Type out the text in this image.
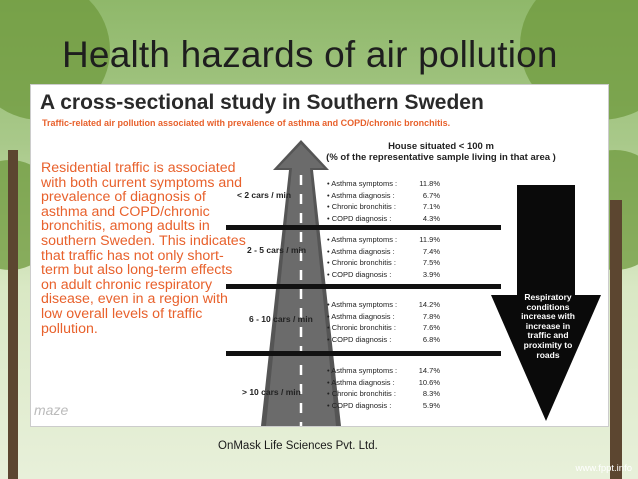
Health hazards of air pollution
A cross-sectional study in Southern Sweden
Traffic-related air pollution associated with prevalence of asthma and COPD/chronic bronchitis.
Residential traffic is associated with both current symptoms and prevalence of diagnosis of asthma and COPD/chronic bronchitis, among adults in southern Sweden. This indicates that traffic has not only short-term but also long-term effects on adult chronic respiratory disease, even in a region with low overall levels of traffic pollution.
House situated < 100 m
(% of the representative sample living in that area )
< 2 cars / min
2 - 5 cars / min
6 - 10 cars / min
> 10 cars / min
• Asthma symptoms :	11.8%
• Asthma diagnosis :	6.7%
• Chronic bronchitis :	7.1%
• COPD diagnosis :	4.3%
• Asthma symptoms :	11.9%
• Asthma diagnosis :	7.4%
• Chronic bronchitis :	7.5%
• COPD diagnosis :	3.9%
• Asthma symptoms :	14.2%
• Asthma diagnosis :	7.8%
• Chronic bronchitis :	7.6%
• COPD diagnosis :	6.8%
• Asthma symptoms :	14.7%
• Asthma diagnosis :	10.6%
• Chronic bronchitis :	8.3%
• COPD diagnosis :	5.9%
Respiratory conditions increase with increase in traffic and proximity to roads
maze
OnMask Life Sciences Pvt. Ltd.
www.fppt.info
